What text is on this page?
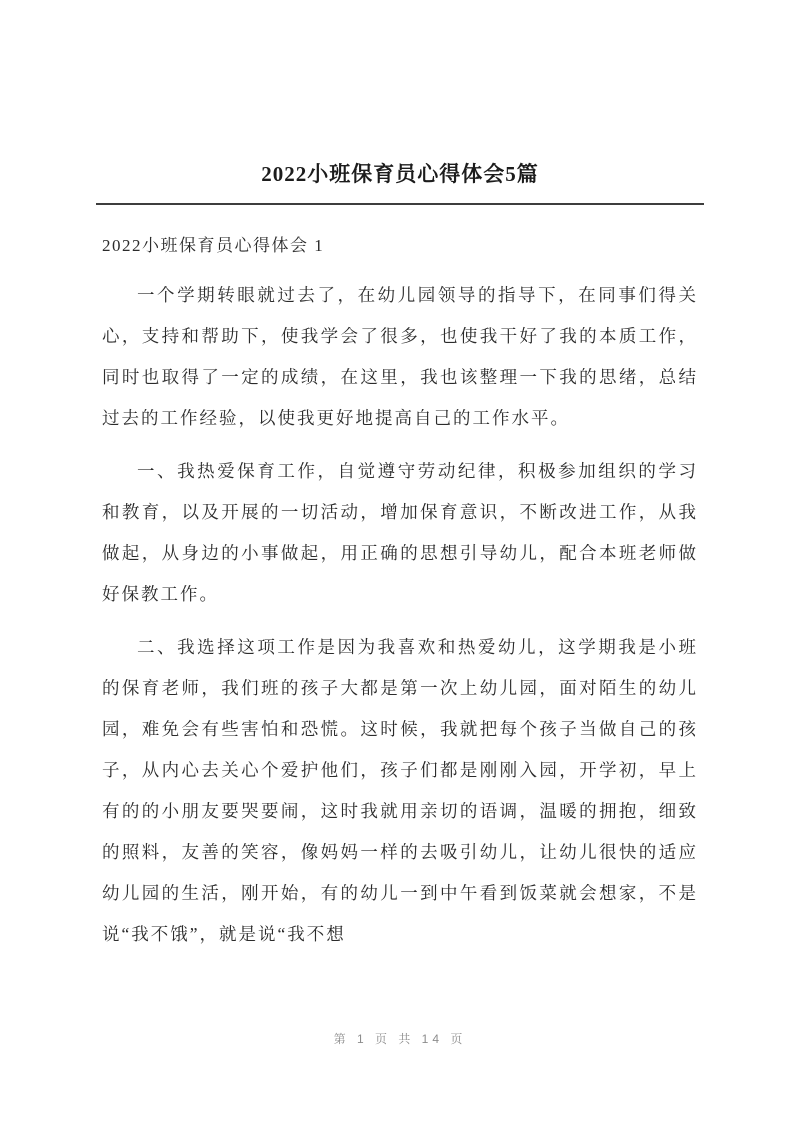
2022小班保育员心得体会5篇

2022小班保育员心得体会 1

一个学期转眼就过去了，在幼儿园领导的指导下，在同事们得关心，支持和帮助下，使我学会了很多，也使我干好了我的本质工作，同时也取得了一定的成绩，在这里，我也该整理一下我的思绪，总结过去的工作经验，以使我更好地提高自己的工作水平。

一、我热爱保育工作，自觉遵守劳动纪律，积极参加组织的学习和教育，以及开展的一切活动，增加保育意识，不断改进工作，从我做起，从身边的小事做起，用正确的思想引导幼儿，配合本班老师做好保教工作。

二、我选择这项工作是因为我喜欢和热爱幼儿，这学期我是小班的保育老师，我们班的孩子大都是第一次上幼儿园，面对陌生的幼儿园，难免会有些害怕和恐慌。这时候，我就把每个孩子当做自己的孩子，从内心去关心个爱护他们，孩子们都是刚刚入园，开学初，早上有的的小朋友要哭要闹，这时我就用亲切的语调，温暖的拥抱，细致的照料，友善的笑容，像妈妈一样的去吸引幼儿，让幼儿很快的适应幼儿园的生活，刚开始，有的幼儿一到中午看到饭菜就会想家，不是说“我不饿”，就是说“我不想

第 1 页 共 14 页
